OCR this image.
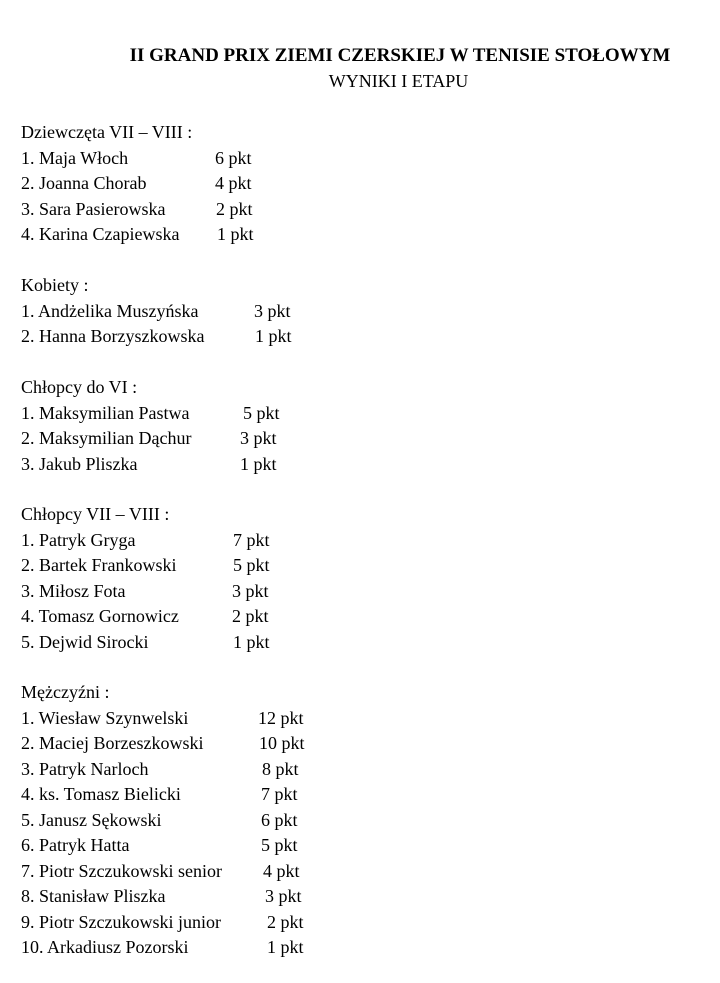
II GRAND PRIX ZIEMI CZERSKIEJ W TENISIE STOŁOWYM
WYNIKI I ETAPU
Dziewczęta VII – VIII :
1. Maja Włoch	6 pkt
2. Joanna Chorab	4 pkt
3. Sara Pasierowska	2 pkt
4. Karina Czapiewska 1 pkt
Kobiety :
1. Andżelika Muszyńska	3 pkt
2. Hanna Borzyszkowska	1 pkt
Chłopcy do VI :
1. Maksymilian Pastwa	5 pkt
2. Maksymilian Dąchur	3 pkt
3. Jakub Pliszka	1 pkt
Chłopcy VII – VIII :
1. Patryk Gryga	7 pkt
2. Bartek Frankowski	5 pkt
3. Miłosz Fota	3 pkt
4. Tomasz Gornowicz	2 pkt
5. Dejwid Sirocki	1 pkt
Mężczyźni :
1. Wiesław Szynwelski	12 pkt
2. Maciej Borzeszkowski	10 pkt
3. Patryk Narloch	8 pkt
4. ks. Tomasz Bielicki	7 pkt
5. Janusz Sękowski	6 pkt
6. Patryk Hatta	5 pkt
7. Piotr Szczukowski senior 4 pkt
8. Stanisław Pliszka	3 pkt
9. Piotr Szczukowski junior	2 pkt
10. Arkadiusz Pozorski	1 pkt
